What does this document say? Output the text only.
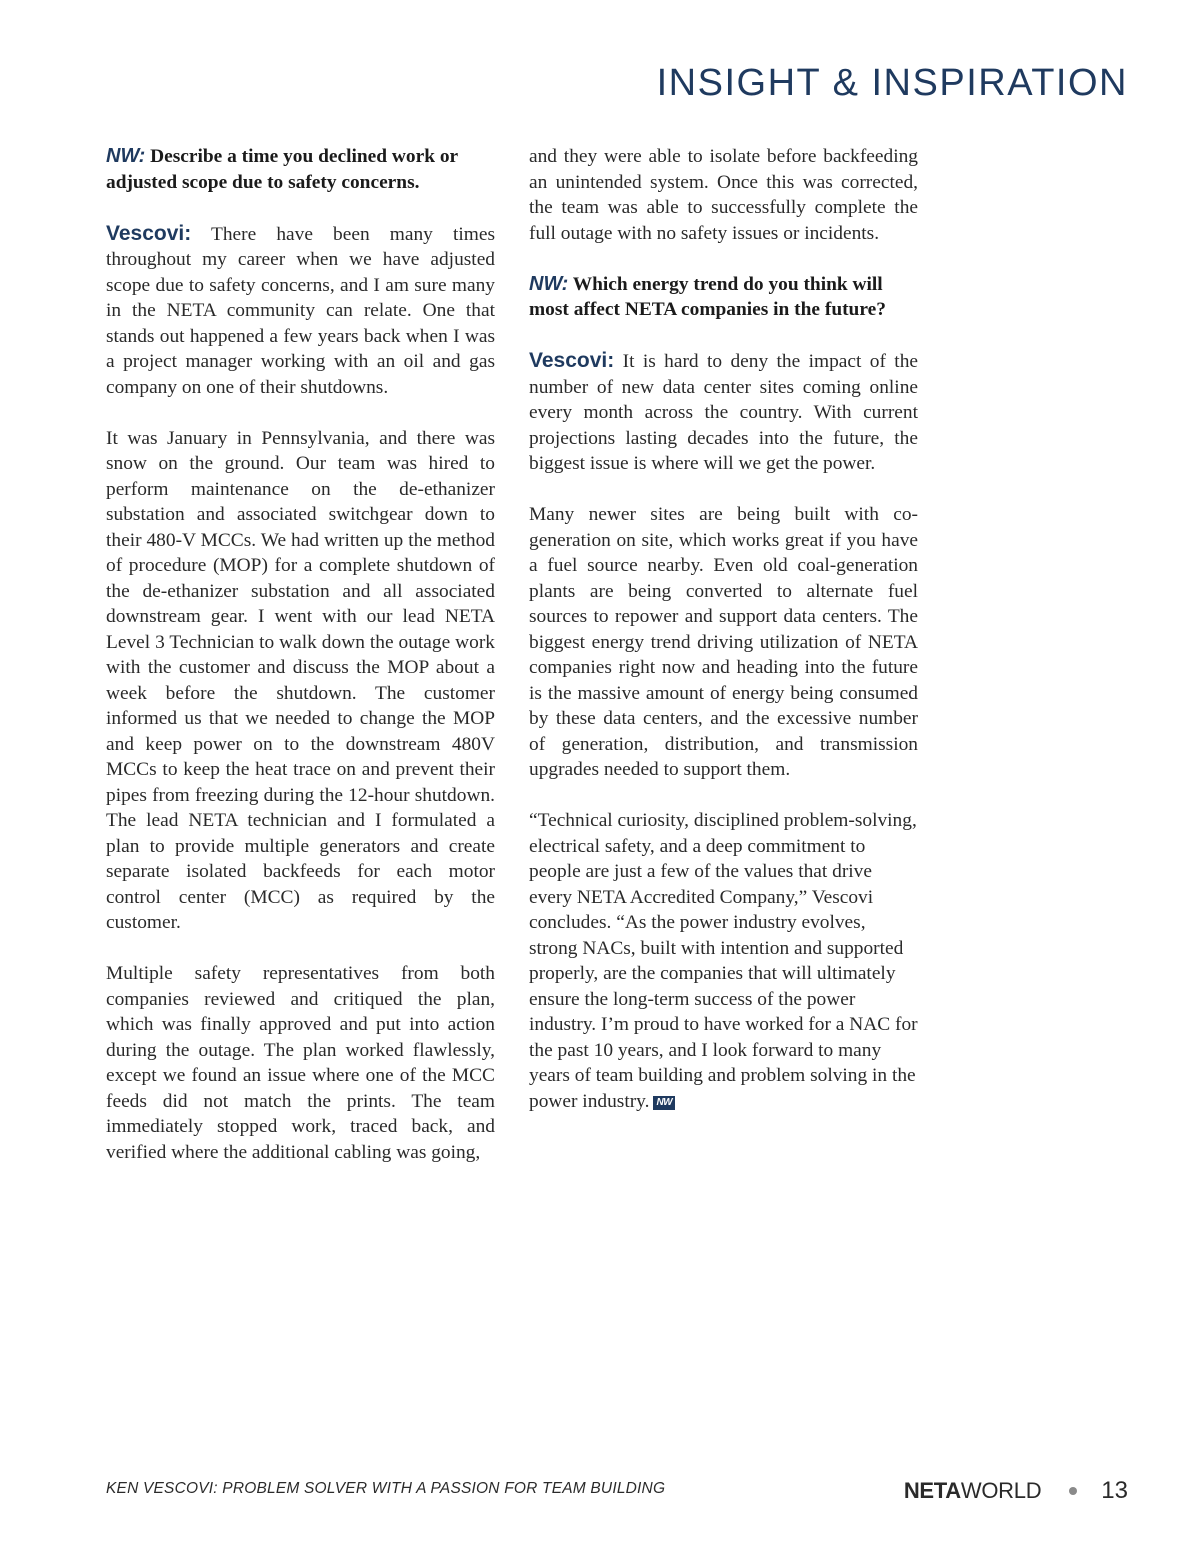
INSIGHT & INSPIRATION

NW: Describe a time you declined work or adjusted scope due to safety concerns.

Vescovi: There have been many times throughout my career when we have adjusted scope due to safety concerns, and I am sure many in the NETA community can relate. One that stands out happened a few years back when I was a project manager working with an oil and gas company on one of their shutdowns.

It was January in Pennsylvania, and there was snow on the ground. Our team was hired to perform maintenance on the de-ethanizer substation and associated switchgear down to their 480-V MCCs. We had written up the method of procedure (MOP) for a complete shutdown of the de-ethanizer substation and all associated downstream gear. I went with our lead NETA Level 3 Technician to walk down the outage work with the customer and discuss the MOP about a week before the shutdown. The customer informed us that we needed to change the MOP and keep power on to the downstream 480V MCCs to keep the heat trace on and prevent their pipes from freezing during the 12-hour shutdown. The lead NETA technician and I formulated a plan to provide multiple generators and create separate isolated backfeeds for each motor control center (MCC) as required by the customer.

Multiple safety representatives from both companies reviewed and critiqued the plan, which was finally approved and put into action during the outage. The plan worked flawlessly, except we found an issue where one of the MCC feeds did not match the prints. The team immediately stopped work, traced back, and verified where the additional cabling was going,

and they were able to isolate before backfeeding an unintended system. Once this was corrected, the team was able to successfully complete the full outage with no safety issues or incidents.

NW: Which energy trend do you think will most affect NETA companies in the future?

Vescovi: It is hard to deny the impact of the number of new data center sites coming online every month across the country. With current projections lasting decades into the future, the biggest issue is where will we get the power.

Many newer sites are being built with co-generation on site, which works great if you have a fuel source nearby. Even old coal-generation plants are being converted to alternate fuel sources to repower and support data centers. The biggest energy trend driving utilization of NETA companies right now and heading into the future is the massive amount of energy being consumed by these data centers, and the excessive number of generation, distribution, and transmission upgrades needed to support them.

“Technical curiosity, disciplined problem-solving, electrical safety, and a deep commitment to people are just a few of the values that drive every NETA Accredited Company,” Vescovi concludes. “As the power industry evolves, strong NACs, built with intention and supported properly, are the companies that will ultimately ensure the long-term success of the power industry. I’m proud to have worked for a NAC for the past 10 years, and I look forward to many years of team building and problem solving in the power industry. NW

KEN VESCOVI: PROBLEM SOLVER WITH A PASSION FOR TEAM BUILDING	NETA WORLD	13
